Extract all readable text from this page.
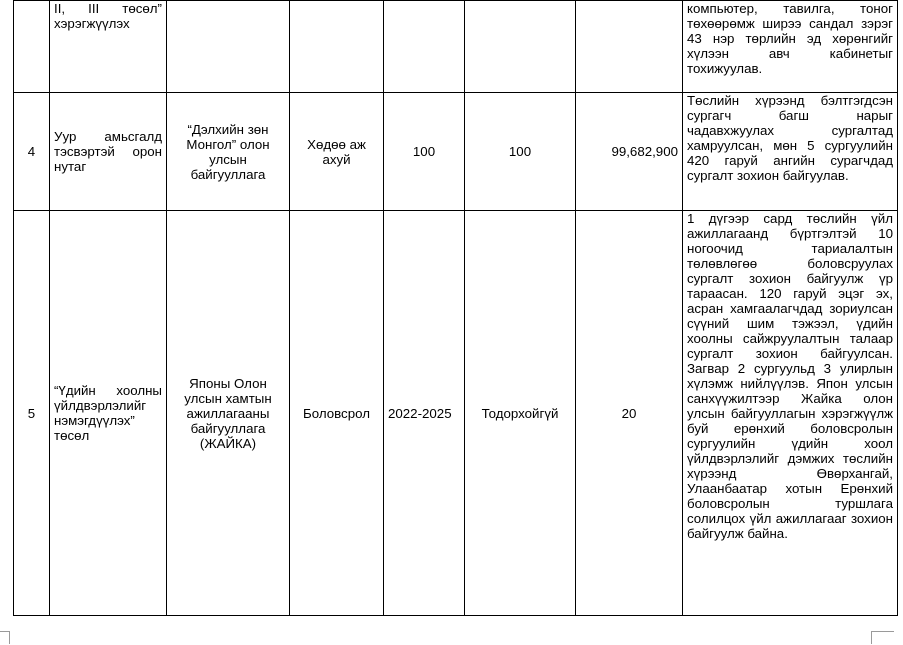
	II, III төсөл” хэрэгжүүлэх						компьютер, тавилга, тоног төхөөрөмж ширээ сандал зэрэг 43 нэр төрлийн эд хөрөнгийг хүлээн авч кабинетыг тохижуулав.
4	Уур амьсгалд тэсвэртэй орон нутаг	“Дэлхийн зөн Монгол” олон улсын байгууллага	Хөдөө аж ахуй	100	100	99,682,900	Төслийн хүрээнд бэлтгэгдсэн сургагч багш нарыг чадавхжуулах сургалтад хамруулсан, мөн 5 сургуулийн 420 гаруй ангийн сурагчдад сургалт зохион байгуулав.
5	“Үдийн хоолны үйлдвэрлэлийг нэмэгдүүлэх” төсөл	Японы Олон улсын хамтын ажиллагааны байгууллага (ЖАЙКА)	Боловсрол	2022-2025	Тодорхойгүй	20	1 дүгээр сард төслийн үйл ажиллагаанд бүртгэлтэй 10 ногоочид тариалалтын төлөвлөгөө боловсруулах сургалт зохион байгуулж үр тараасан. 120 гаруй эцэг эх, асран хамгаалагчдад зориулсан сүүний шим тэжээл, үдийн хоолны сайжруулалтын талаар сургалт зохион байгуулсан. Загвар 2 сургуульд 3 улирлын хүлэмж нийлүүлэв. Япон улсын санхүүжилтээр Жайка олон улсын байгууллагын хэрэгжүүлж буй ерөнхий боловсролын сургуулийн үдийн хоол үйлдвэрлэлийг дэмжих төслийн хүрээнд Өвөрхангай, Улаанбаатар хотын Ерөнхий боловсролын туршлага солилцох үйл ажиллагааг зохион байгуулж байна.
